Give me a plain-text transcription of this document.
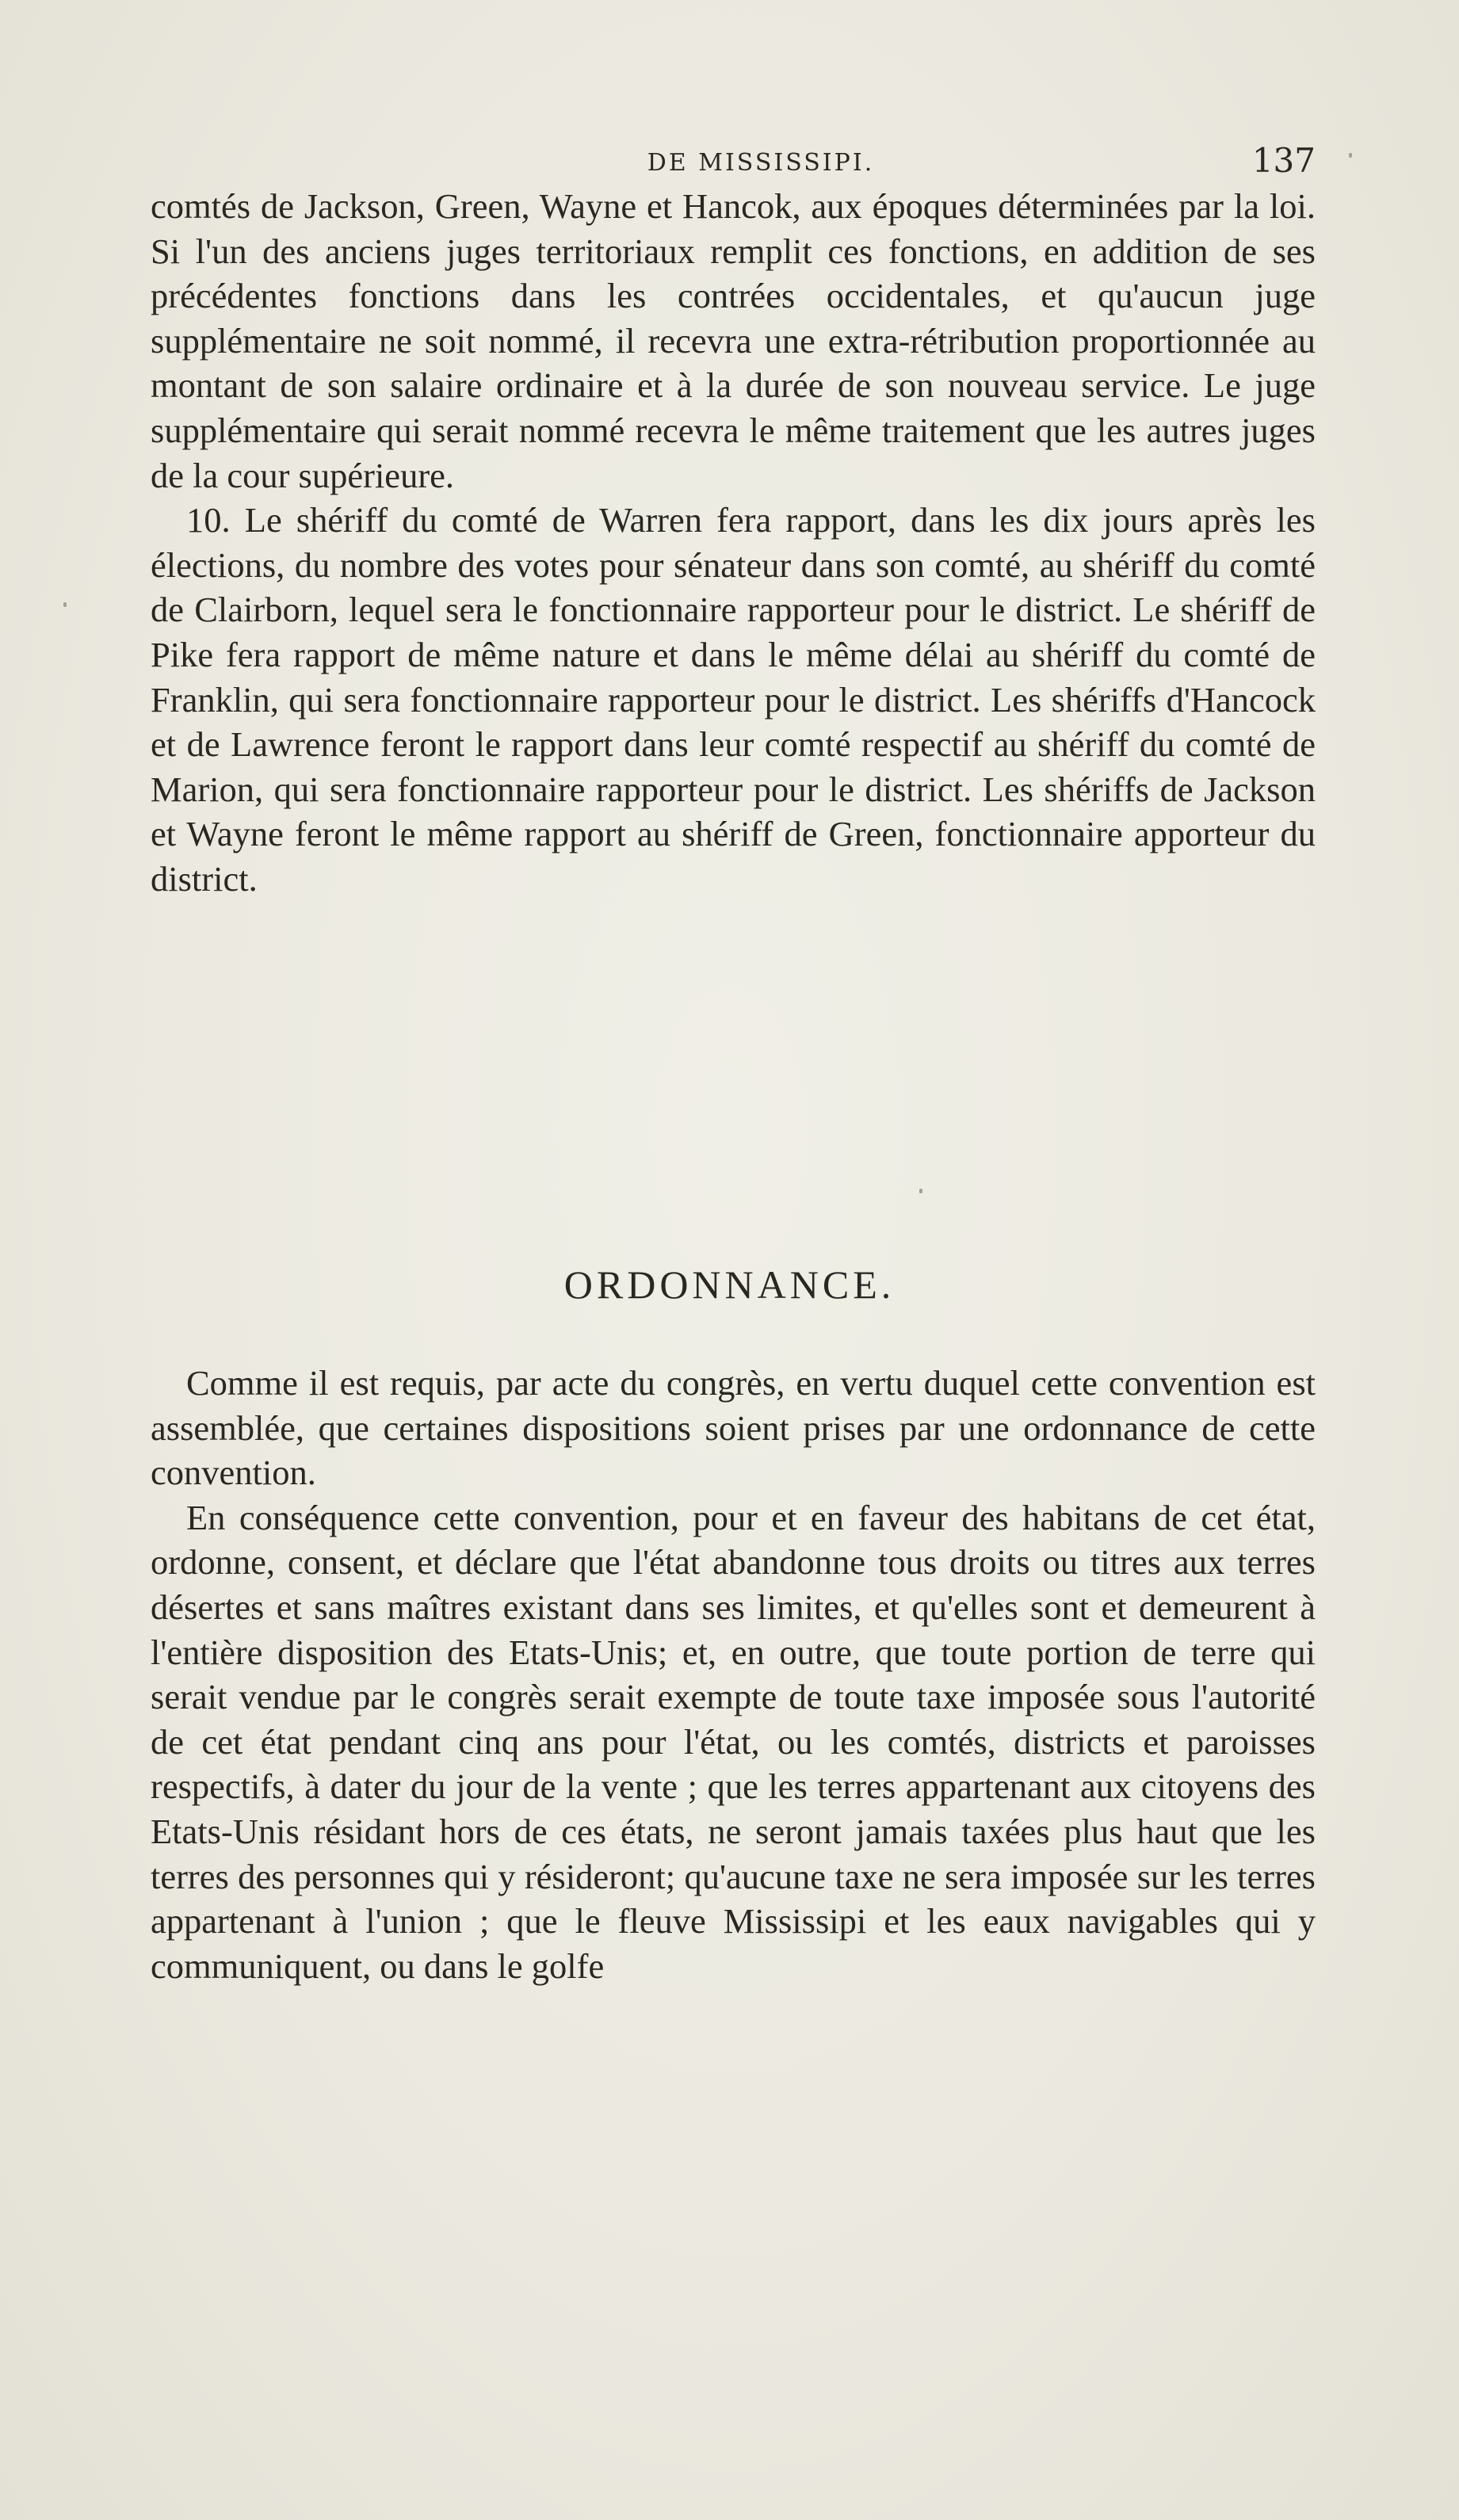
DE MISSISSIPI.	137

comtés de Jackson, Green, Wayne et Hancok, aux époques déterminées par la loi. Si l'un des anciens juges territoriaux remplit ces fonctions, en addition de ses précédentes fonctions dans les contrées occidentales, et qu'aucun juge supplémentaire ne soit nommé, il recevra une extra-rétribution proportionnée au montant de son salaire ordinaire et à la durée de son nouveau service. Le juge supplémentaire qui serait nommé recevra le même traitement que les autres juges de la cour supérieure.

10. Le shériff du comté de Warren fera rapport, dans les dix jours après les élections, du nombre des votes pour sénateur dans son comté, au shériff du comté de Clairborn, lequel sera le fonctionnaire rapporteur pour le district. Le shériff de Pike fera rapport de même nature et dans le même délai au shériff du comté de Franklin, qui sera fonctionnaire rapporteur pour le district. Les shériffs d'Hancock et de Lawrence feront le rapport dans leur comté respectif au shériff du comté de Marion, qui sera fonctionnaire rapporteur pour le district. Les shériffs de Jackson et Wayne feront le même rapport au shériff de Green, fonctionnaire apporteur du district.

ORDONNANCE.

Comme il est requis, par acte du congrès, en vertu duquel cette convention est assemblée, que certaines dispositions soient prises par une ordonnance de cette convention.

En conséquence cette convention, pour et en faveur des habitans de cet état, ordonne, consent, et déclare que l'état abandonne tous droits ou titres aux terres désertes et sans maîtres existant dans ses limites, et qu'elles sont et demeurent à l'entière disposition des Etats-Unis; et, en outre, que toute portion de terre qui serait vendue par le congrès serait exempte de toute taxe imposée sous l'autorité de cet état pendant cinq ans pour l'état, ou les comtés, districts et paroisses respectifs, à dater du jour de la vente ; que les terres appartenant aux citoyens des Etats-Unis résidant hors de ces états, ne seront jamais taxées plus haut que les terres des personnes qui y résideront; qu'aucune taxe ne sera imposée sur les terres appartenant à l'union ; que le fleuve Mississipi et les eaux navigables qui y communiquent, ou dans le golfe
